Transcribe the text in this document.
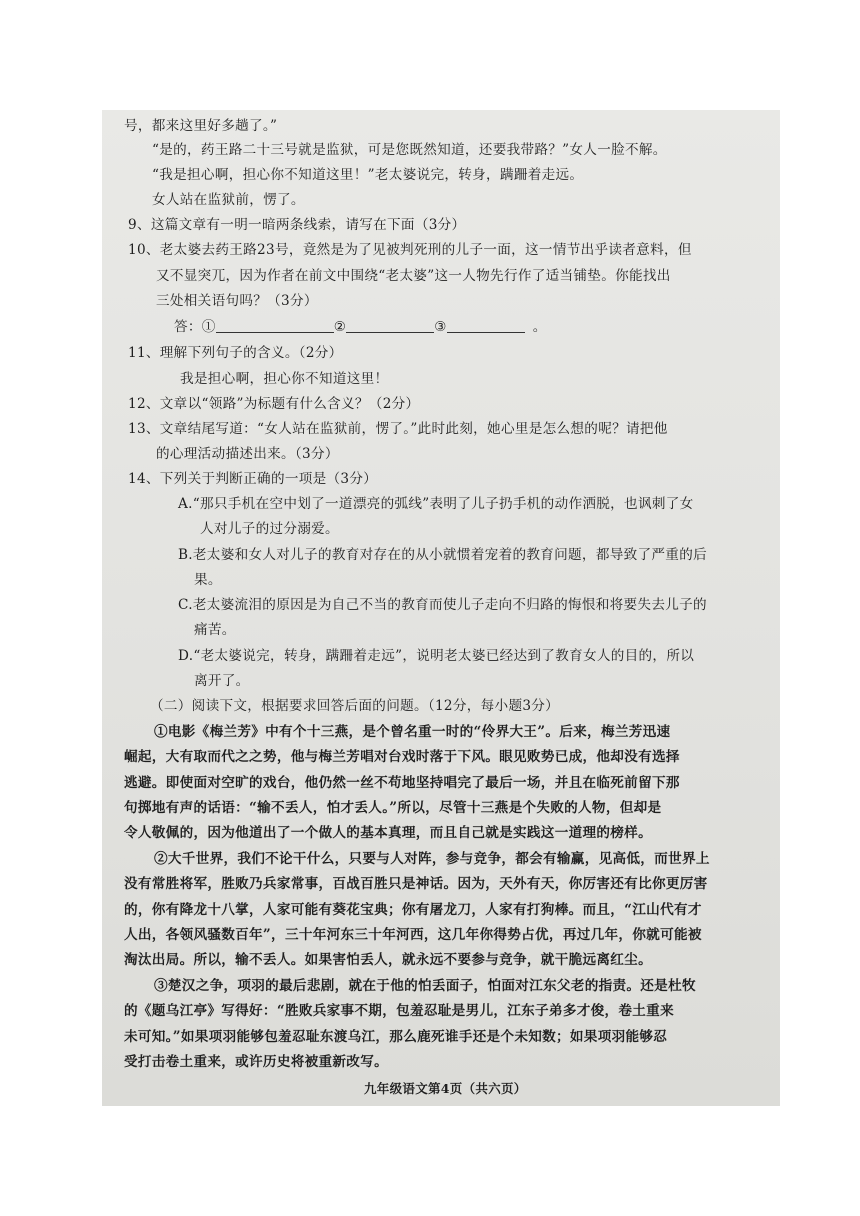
号，都来这里好多趟了。”
“是的，药王路二十三号就是监狱，可是您既然知道，还要我带路？”女人一脸不解。
“我是担心啊，担心你不知道这里！”老太婆说完，转身，蹒跚着走远。
女人站在监狱前，愣了。
9、这篇文章有一明一暗两条线索，请写在下面（3分）
10、老太婆去药王路23号，竟然是为了见被判死刑的儿子一面，这一情节出乎读者意料，但
又不显突兀，因为作者在前文中围绕“老太婆”这一人物先行作了适当铺垫。你能找出
三处相关语句吗？（3分）
答：①	②	③	。
11、理解下列句子的含义。（2分）
我是担心啊，担心你不知道这里！
12、文章以“领路”为标题有什么含义？（2分）
13、文章结尾写道：“女人站在监狱前，愣了。”此时此刻，她心里是怎么想的呢？请把他
的心理活动描述出来。（3分）
14、下列关于判断正确的一项是（3分）
A.“那只手机在空中划了一道漂亮的弧线”表明了儿子扔手机的动作洒脱，也讽刺了女
人对儿子的过分溺爱。
B.老太婆和女人对儿子的教育对存在的从小就惯着宠着的教育问题，都导致了严重的后
果。
C.老太婆流泪的原因是为自己不当的教育而使儿子走向不归路的悔恨和将要失去儿子的
痛苦。
D.“老太婆说完，转身，蹒跚着走远”，说明老太婆已经达到了教育女人的目的，所以
离开了。
（二）阅读下文，根据要求回答后面的问题。（12分，每小题3分）
①电影《梅兰芳》中有个十三燕，是个曾名重一时的“伶界大王”。后来，梅兰芳迅速
崛起，大有取而代之之势，他与梅兰芳唱对台戏时落于下风。眼见败势已成，他却没有选择
逃避。即使面对空旷的戏台，他仍然一丝不苟地坚持唱完了最后一场，并且在临死前留下那
句掷地有声的话语：“输不丢人，怕才丢人。”所以，尽管十三燕是个失败的人物，但却是
令人敬佩的，因为他道出了一个做人的基本真理，而且自己就是实践这一道理的榜样。
②大千世界，我们不论干什么，只要与人对阵，参与竞争，都会有输赢，见高低，而世界上
没有常胜将军，胜败乃兵家常事，百战百胜只是神话。因为，天外有天，你厉害还有比你更厉害
的，你有降龙十八掌，人家可能有葵花宝典；你有屠龙刀，人家有打狗棒。而且，“江山代有才
人出，各领风骚数百年”，三十年河东三十年河西，这几年你得势占优，再过几年，你就可能被
淘汰出局。所以，输不丢人。如果害怕丢人，就永远不要参与竞争，就干脆远离红尘。
③楚汉之争，项羽的最后悲剧，就在于他的怕丢面子，怕面对江东父老的指责。还是杜牧
的《题乌江亭》写得好：“胜败兵家事不期，包羞忍耻是男儿，江东子弟多才俊，卷土重来
未可知。”如果项羽能够包羞忍耻东渡乌江，那么鹿死谁手还是个未知数；如果项羽能够忍
受打击卷土重来，或许历史将被重新改写。
九年级语文第4页（共六页）
